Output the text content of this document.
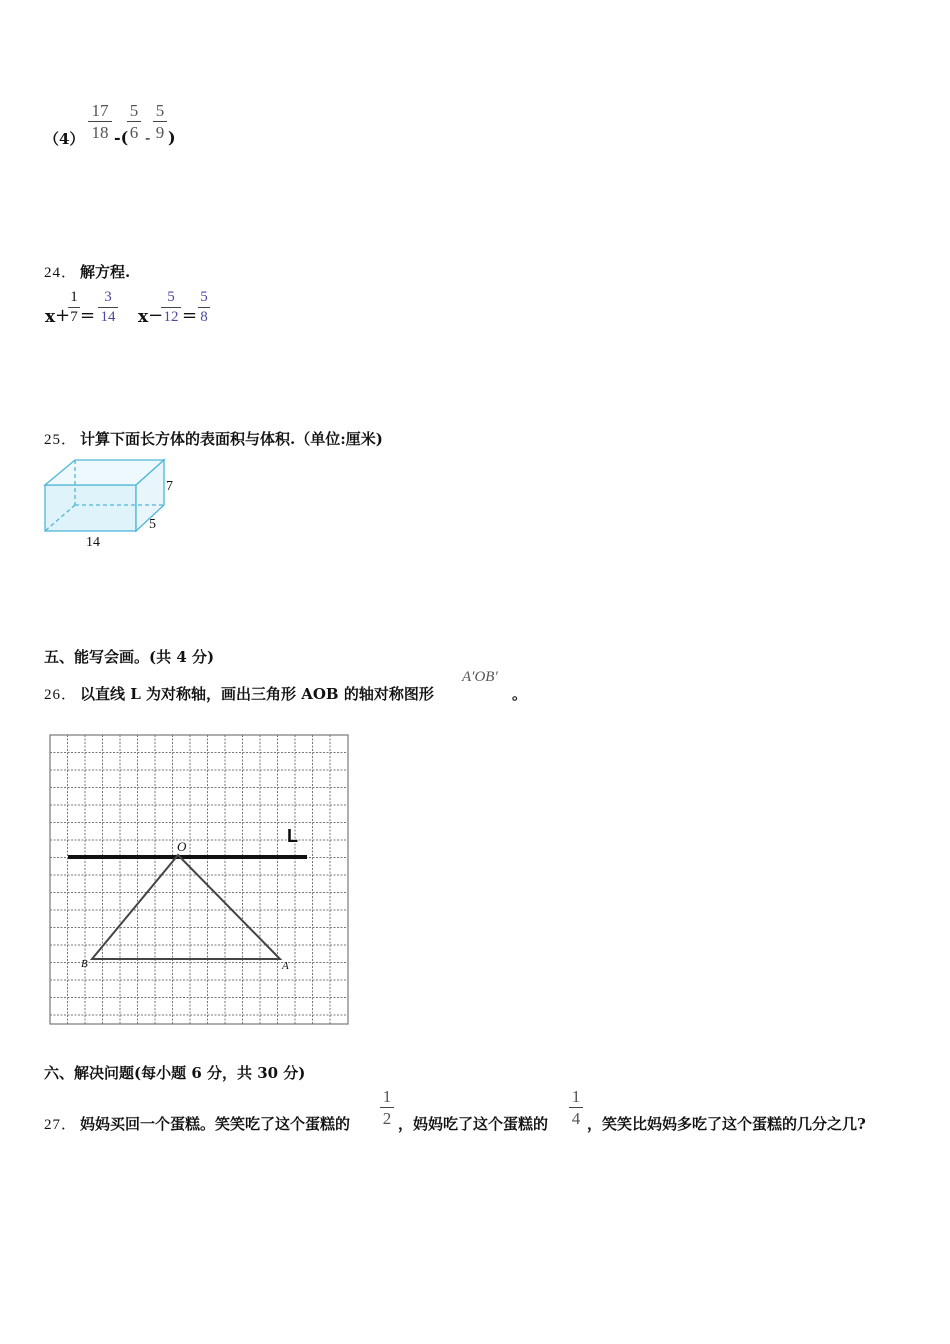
（4）
17
18 -(
5
6 -
5
9 )
24． 解方程.
x +
1
7 =
3
14 x −
5
12 =
5
8
25． 计算下面长方体的表面积与体积.（单位:厘米)
7
5
14
五、能写会画。(共 4 分)
26． 以直线 L 为对称轴，画出三角形 AOB 的轴对称图形
A′OB′
。
L
O
B	A
六、解决问题(每小题 6 分，共 30 分)
27． 妈妈买回一个蛋糕。笑笑吃了这个蛋糕的
1
2 ，妈妈吃了这个蛋糕的
1
4 ，笑笑比妈妈多吃了这个蛋糕的几分之几?
